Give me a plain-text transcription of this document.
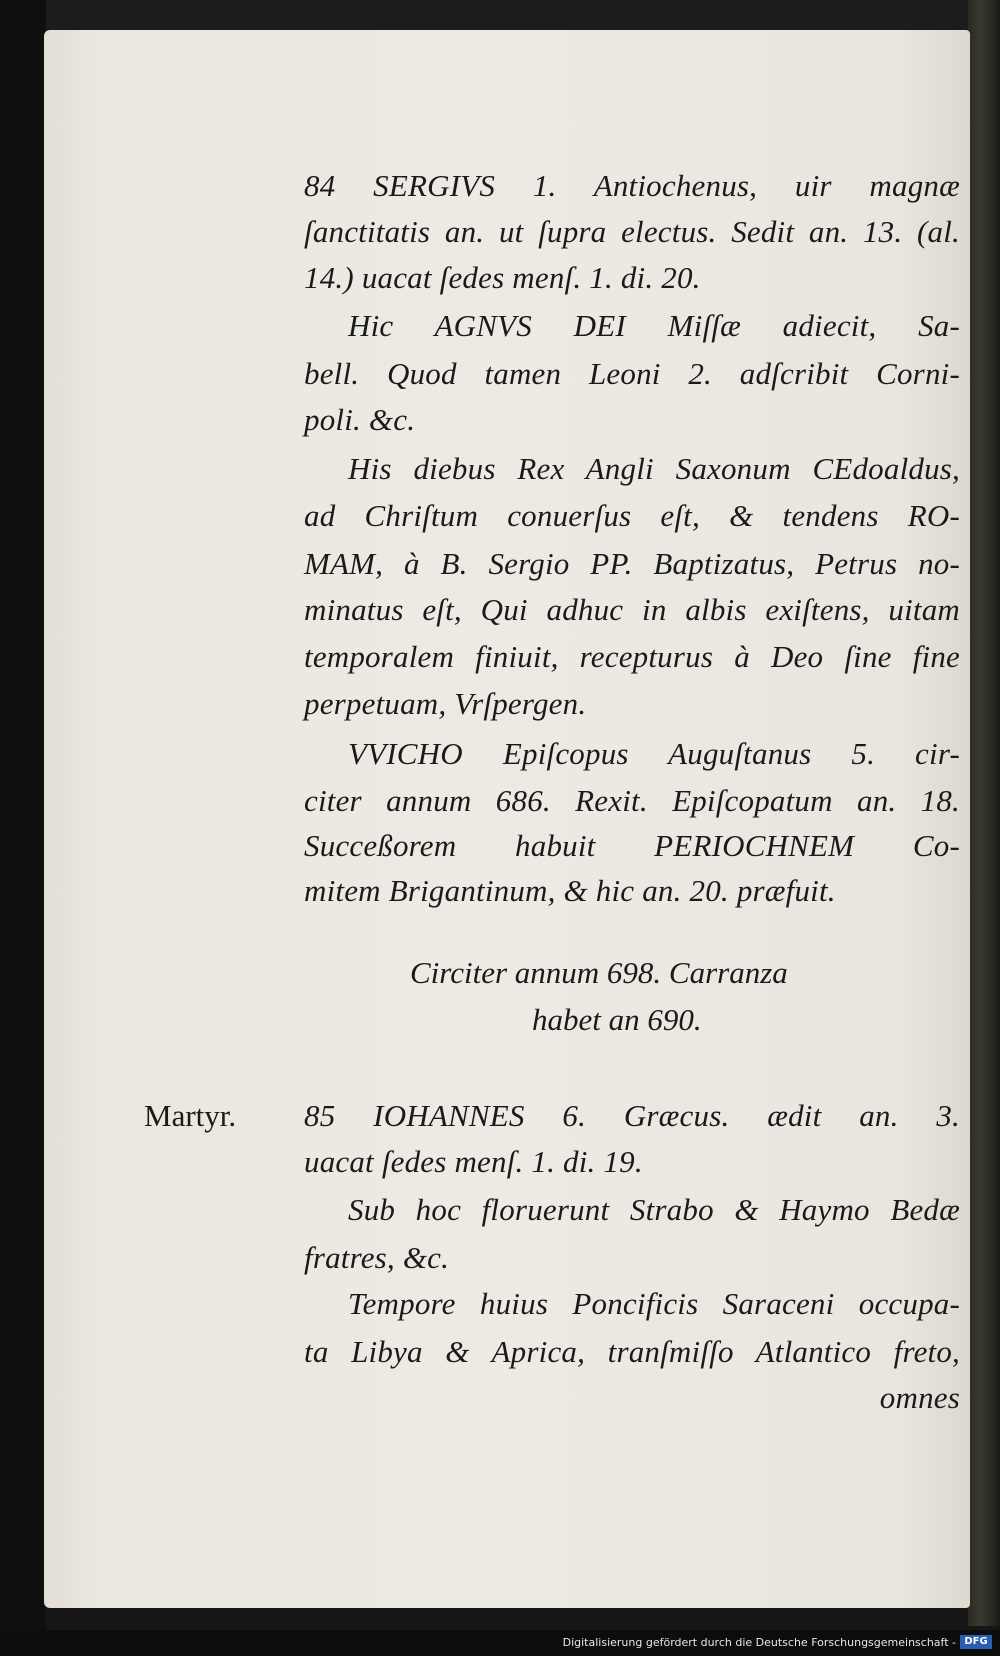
84 SERGIVS 1. Antiochenus, uir magnæ
ſanctitatis an. ut ſupra electus. Sedit an. 13. (al.
14.) uacat ſedes menſ. 1. di. 20.
Hic AGNVS DEI Miſſæ adiecit, Sa-
bell. Quod tamen Leoni 2. adſcribit Corni-
poli. &c.
His diebus Rex Angli Saxonum CEdoaldus,
ad Chriſtum conuerſus eſt, & tendens RO-
MAM, à B. Sergio PP. Baptizatus, Petrus no-
minatus eſt, Qui adhuc in albis exiſtens, uitam
temporalem finiuit, recepturus à Deo ſine fine
perpetuam, Vrſpergen.
VVICHO Epiſcopus Auguſtanus 5. cir-
citer annum 686. Rexit. Epiſcopatum an. 18.
Succeßorem habuit PERIOCHNEM Co-
mitem Brigantinum, & hic an. 20. præfuit.
Circiter annum 698. Carranza
habet an 690.
Martyr. 85 IOHANNES 6. Græcus. ædit an. 3.
uacat ſedes menſ. 1. di. 19.
Sub hoc floruerunt Strabo & Haymo Bedæ
fratres, &c.
Tempore huius Poncificis Saraceni occupa-
ta Libya & Aprica, tranſmiſſo Atlantico freto,
omnes
Digitalisierung gefördert durch die Deutsche Forschungsgemeinschaft - DFG
